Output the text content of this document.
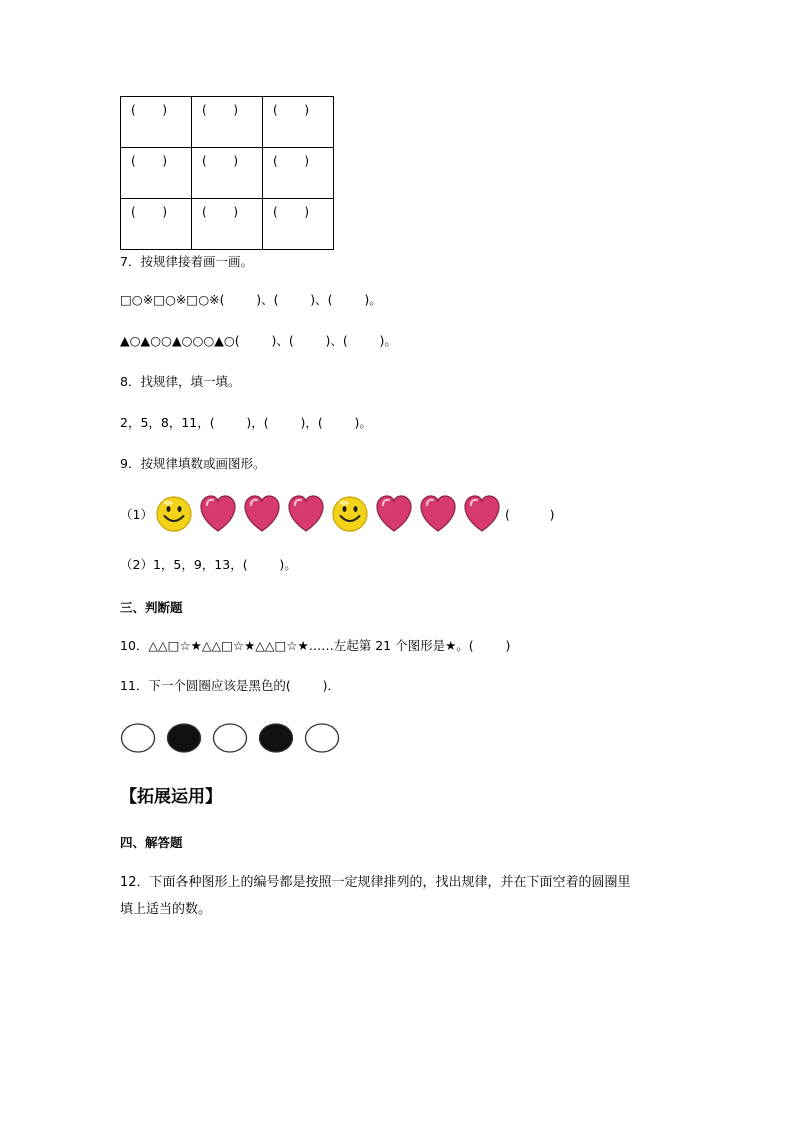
(       )	(       )	(       )

(       )	(       )	(       )

(       )	(       )	(       )
7．按规律接着画一画。
□○※□○※□○※(        )、(        )、(        )。
▲○▲○○▲○○○▲○(        )、(        )、(        )。
8．找规律，填一填。
2，5，8，11，(        )，(        )，(        )。
9．按规律填数或画图形。
（1）	(          )
（2）1，5，9，13，(        )。
三、判断题
10．△△□☆★△△□☆★△△□☆★……左起第 21 个图形是★。(        )
11．下一个圆圈应该是黑色的(        )．
【拓展运用】
四、解答题
12．下面各种图形上的编号都是按照一定规律排列的，找出规律，并在下面空着的圆圈里
填上适当的数。
